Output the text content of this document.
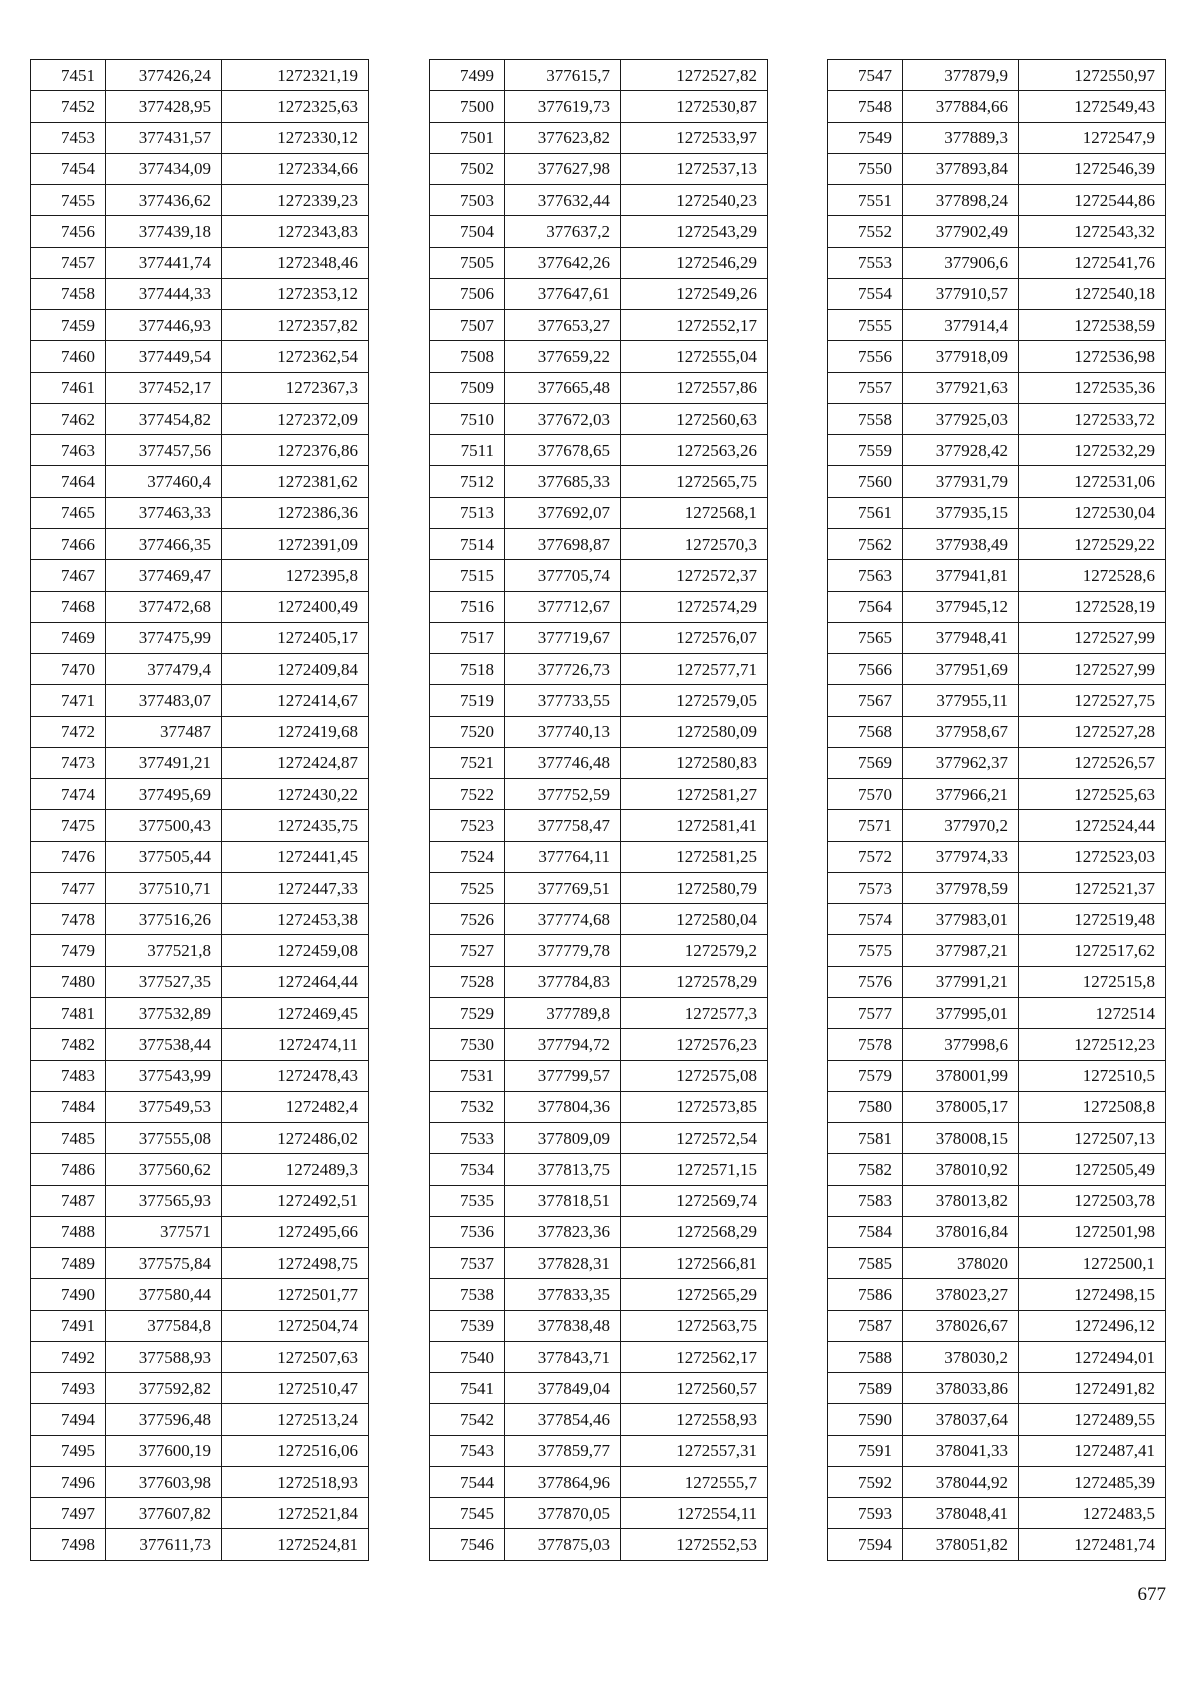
7451	377426,24	1272321,19
7452	377428,95	1272325,63
7453	377431,57	1272330,12
7454	377434,09	1272334,66
7455	377436,62	1272339,23
7456	377439,18	1272343,83
7457	377441,74	1272348,46
7458	377444,33	1272353,12
7459	377446,93	1272357,82
7460	377449,54	1272362,54
7461	377452,17	1272367,3
7462	377454,82	1272372,09
7463	377457,56	1272376,86
7464	377460,4	1272381,62
7465	377463,33	1272386,36
7466	377466,35	1272391,09
7467	377469,47	1272395,8
7468	377472,68	1272400,49
7469	377475,99	1272405,17
7470	377479,4	1272409,84
7471	377483,07	1272414,67
7472	377487	1272419,68
7473	377491,21	1272424,87
7474	377495,69	1272430,22
7475	377500,43	1272435,75
7476	377505,44	1272441,45
7477	377510,71	1272447,33
7478	377516,26	1272453,38
7479	377521,8	1272459,08
7480	377527,35	1272464,44
7481	377532,89	1272469,45
7482	377538,44	1272474,11
7483	377543,99	1272478,43
7484	377549,53	1272482,4
7485	377555,08	1272486,02
7486	377560,62	1272489,3
7487	377565,93	1272492,51
7488	377571	1272495,66
7489	377575,84	1272498,75
7490	377580,44	1272501,77
7491	377584,8	1272504,74
7492	377588,93	1272507,63
7493	377592,82	1272510,47
7494	377596,48	1272513,24
7495	377600,19	1272516,06
7496	377603,98	1272518,93
7497	377607,82	1272521,84
7498	377611,73	1272524,81
7499	377615,7	1272527,82
7500	377619,73	1272530,87
7501	377623,82	1272533,97
7502	377627,98	1272537,13
7503	377632,44	1272540,23
7504	377637,2	1272543,29
7505	377642,26	1272546,29
7506	377647,61	1272549,26
7507	377653,27	1272552,17
7508	377659,22	1272555,04
7509	377665,48	1272557,86
7510	377672,03	1272560,63
7511	377678,65	1272563,26
7512	377685,33	1272565,75
7513	377692,07	1272568,1
7514	377698,87	1272570,3
7515	377705,74	1272572,37
7516	377712,67	1272574,29
7517	377719,67	1272576,07
7518	377726,73	1272577,71
7519	377733,55	1272579,05
7520	377740,13	1272580,09
7521	377746,48	1272580,83
7522	377752,59	1272581,27
7523	377758,47	1272581,41
7524	377764,11	1272581,25
7525	377769,51	1272580,79
7526	377774,68	1272580,04
7527	377779,78	1272579,2
7528	377784,83	1272578,29
7529	377789,8	1272577,3
7530	377794,72	1272576,23
7531	377799,57	1272575,08
7532	377804,36	1272573,85
7533	377809,09	1272572,54
7534	377813,75	1272571,15
7535	377818,51	1272569,74
7536	377823,36	1272568,29
7537	377828,31	1272566,81
7538	377833,35	1272565,29
7539	377838,48	1272563,75
7540	377843,71	1272562,17
7541	377849,04	1272560,57
7542	377854,46	1272558,93
7543	377859,77	1272557,31
7544	377864,96	1272555,7
7545	377870,05	1272554,11
7546	377875,03	1272552,53
7547	377879,9	1272550,97
7548	377884,66	1272549,43
7549	377889,3	1272547,9
7550	377893,84	1272546,39
7551	377898,24	1272544,86
7552	377902,49	1272543,32
7553	377906,6	1272541,76
7554	377910,57	1272540,18
7555	377914,4	1272538,59
7556	377918,09	1272536,98
7557	377921,63	1272535,36
7558	377925,03	1272533,72
7559	377928,42	1272532,29
7560	377931,79	1272531,06
7561	377935,15	1272530,04
7562	377938,49	1272529,22
7563	377941,81	1272528,6
7564	377945,12	1272528,19
7565	377948,41	1272527,99
7566	377951,69	1272527,99
7567	377955,11	1272527,75
7568	377958,67	1272527,28
7569	377962,37	1272526,57
7570	377966,21	1272525,63
7571	377970,2	1272524,44
7572	377974,33	1272523,03
7573	377978,59	1272521,37
7574	377983,01	1272519,48
7575	377987,21	1272517,62
7576	377991,21	1272515,8
7577	377995,01	1272514
7578	377998,6	1272512,23
7579	378001,99	1272510,5
7580	378005,17	1272508,8
7581	378008,15	1272507,13
7582	378010,92	1272505,49
7583	378013,82	1272503,78
7584	378016,84	1272501,98
7585	378020	1272500,1
7586	378023,27	1272498,15
7587	378026,67	1272496,12
7588	378030,2	1272494,01
7589	378033,86	1272491,82
7590	378037,64	1272489,55
7591	378041,33	1272487,41
7592	378044,92	1272485,39
7593	378048,41	1272483,5
7594	378051,82	1272481,74
677
